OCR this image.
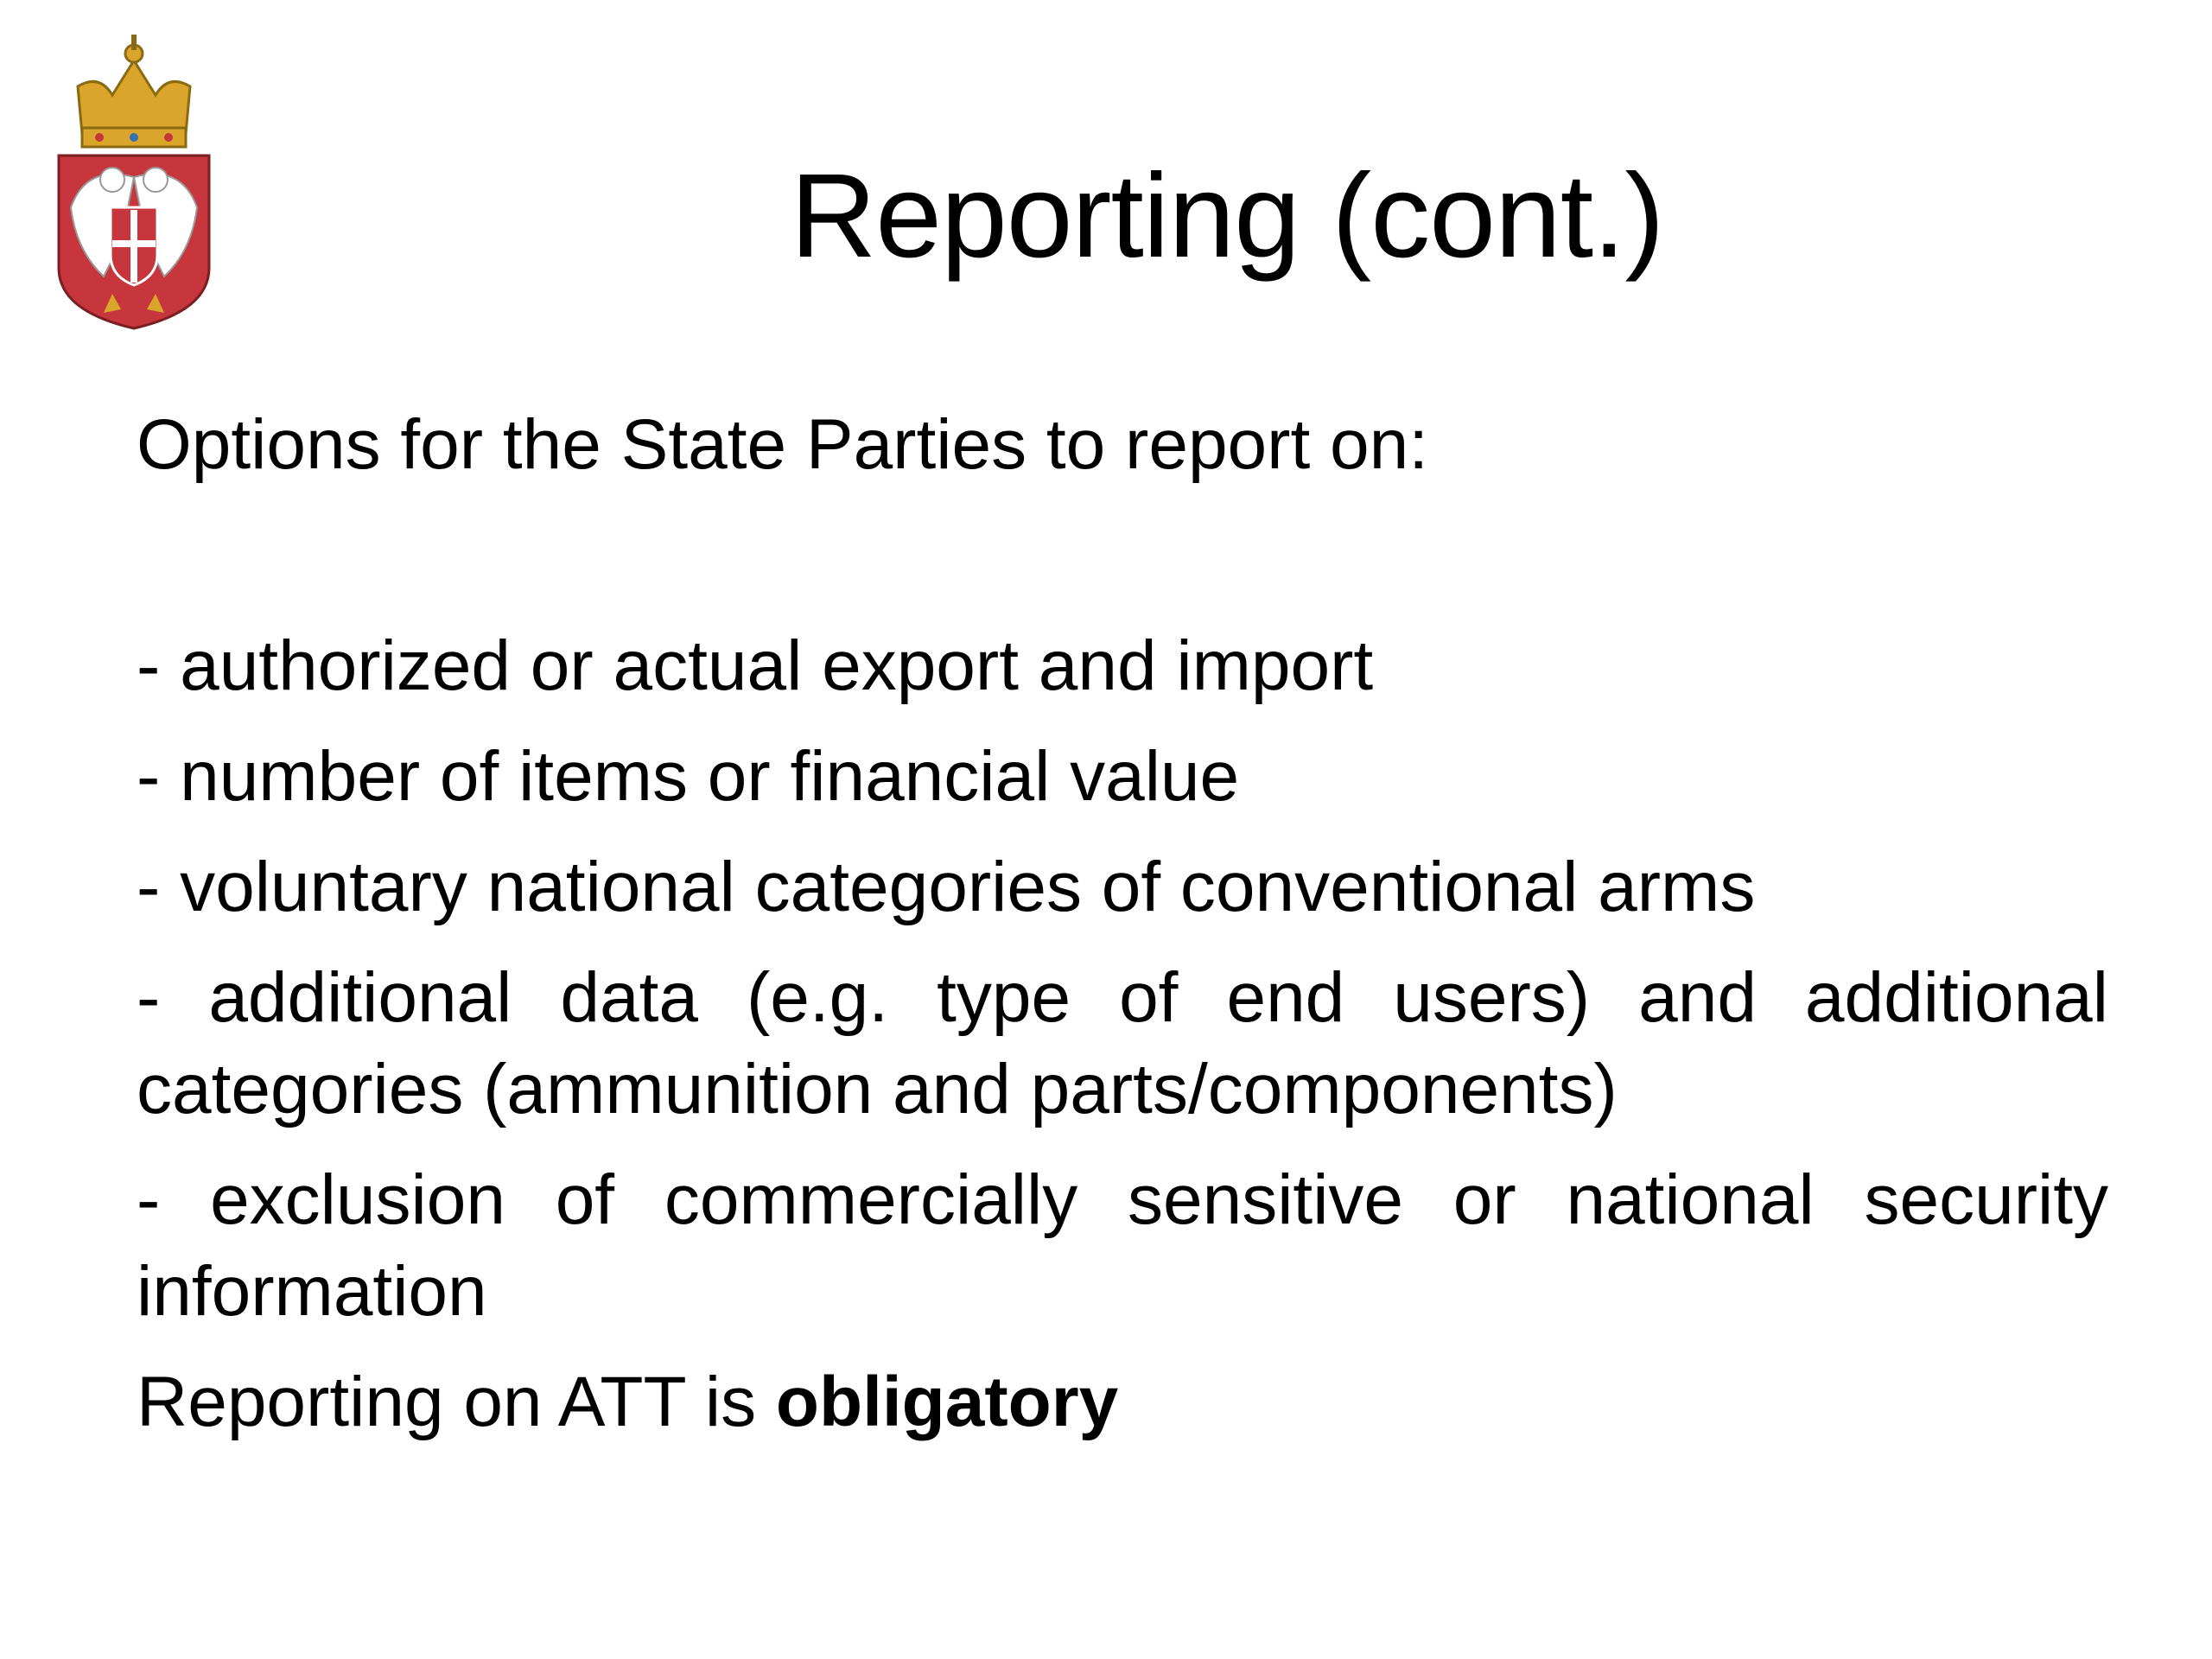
Reporting (cont.)

Options for the State Parties to report on:

- authorized or actual export and import

- number of items or financial value

- voluntary national categories of conventional arms

- additional data (e.g. type of end users) and additional categories (ammunition and parts/components)

- exclusion of commercially sensitive or national security information

Reporting on ATT is obligatory
